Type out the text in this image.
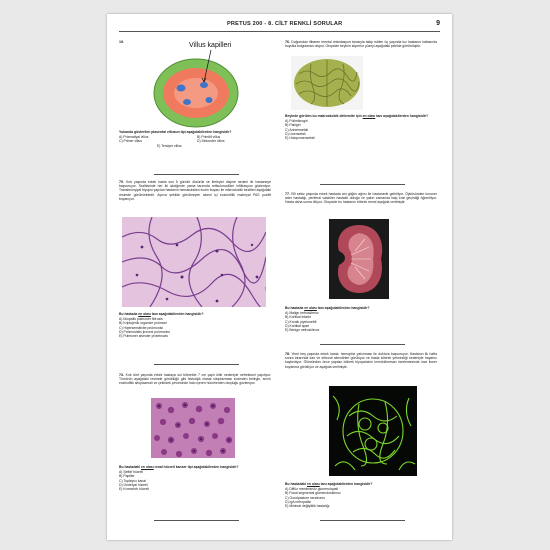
PRETUS 200 - 8. CİLT RENKLİ SORULAR	9
19.	Villus kapilleri
Yukarıda gösterilen plasental villusun tipi aşağıdakilerden hangisidir?
A) Prizmatiyal villus	B) Primitif villus
C) Primer villus	D) Sekonder villus
E) Tersiyer villus
70. Kırk yaşında erkek hasta son 5 gündür öksürük ve ilerleyici dispne nedeni ile hastaneye başvuruyor. Sralhisinde her iki akciğerde yama tarzında retikulonodüler infiltrasyon gözleniyor. Transbronşiyal biyopsi yapılan hastanın hematoksilen eozin boyası ile mikroskobik kesitleri aşağıdaki resimde görülmektedir. Ayrıca şekilde görülmeyen alveol içi eozinofilik materyal PAS pozitif boyanıyor.
Bu hastada en olası tanı aşağıdakilerden hangisidir?
A) İdiopatik pulmoner fibrozis
B) Kriptojenik organize pnömoni
C) Hipersensitivite pnömonisi
D) Pnömosistis jiroveci pnömonisi
E) Pulmoner alveoler proteinozis
73. Kırk dört yaşında erkek hastaya sol böbrekte 7 cm çaplı kitle nedeniyle nefrektomi yapılıyor. Tümörün aşağıdaki resimde görüldüğü gibi histolojik olarak sitoplazması eozinden belirgin, sınırlı eozinofilik sitoplazmalı ve çekirdek çevresinde halo içeren hücrelerden oluştuğu gözleniyor.
Bu hastadaki en olası renal hücreli kanser tipi aşağıdakilerden hangisidir?
A) Şeffaf hücreli
B) Papiller
C) Toplayıcı kanal
D) Ürotelyal hücreli
E) Kromofob hücreli
76. Doğumdan itibaren mental retardasyon tanısıyla takip edilen üç yaşında kız hastanın kafasında boyutta bulgulanan otopsi. Otopside beyinin süperior yüzeyi aşağıdaki şekilde görülmüştür.
Beyinde görülen bu makroskobik deformite için en olası tanı aşağıdakilerden hangisidir?
A) Polimikrogiri
B) Pakigiri
C) Anhemsefali
D) Lisensefali
E) Holoprosensefali
77. Elli sekiz yaşında erkek hastada ani göğüs ağrısı ile hastanede getiriliyor. Öyküsünden koroner arter hastalığı, periferal vasküler hastalık olduğu ve yakın zamanda kalp krizi geçirdiği öğreniliyor. Hasta daha sonra ölüyor. Otopside bu hastanın böbrek resmi aşağıda verilmiştir.
Bu hastada en olası tanı aşağıdakilerden hangisidir?
A) Malign nefroskleroz
B) Kortikal infarkt
C) Kronik piyelonefrit
D) Kortikal apse
E) Benign nefroskleroz
78. Yirmi beş yaşında erkek hasta, hemoptizi yakınması ile doktora başvuruyor. Hastanın ilk hafta sonra idrarında kan ve eritrosit silendirleri görülüyor ve hasta böbrek yetmezliği nedeniyle hayatını kaybediyor. Ölümünden önce yapılan böbrek biyopsisinin immünfloresan incelemesinde ince lineer boyanma görülüyor ve aşağıda verilmiştir.
Bu hastadaki en olası tanı aşağıdakilerden hangisidir?
A) Diffüz membranöz glomerulopati
B) Fokal segmental glomeruloskleroz
C) Goodpasture sendromu
D) IgA nefropatisi
E) Minimal değişiklik hastalığı
